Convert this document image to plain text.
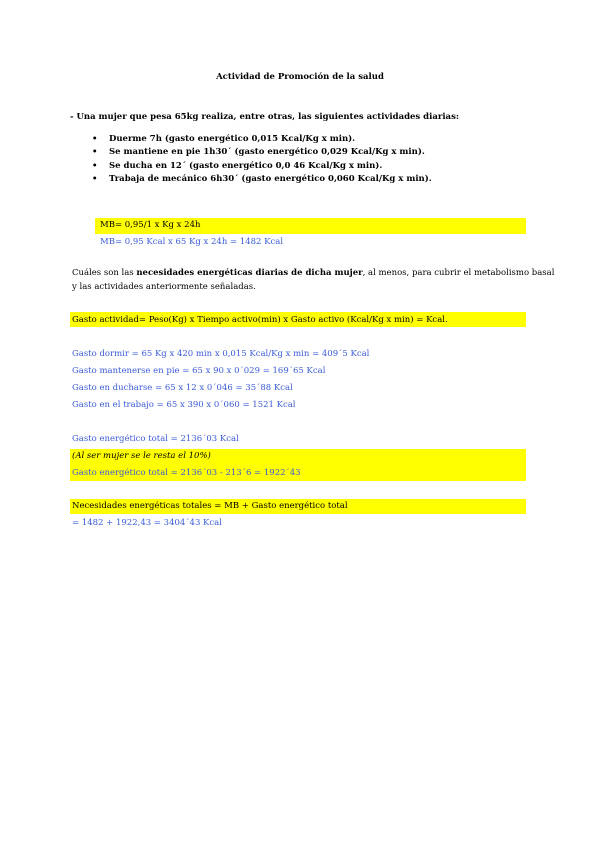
Actividad de Promoción de la salud
- Una mujer que pesa 65kg realiza, entre otras, las siguientes actividades diarias:
• Duerme 7h (gasto energético 0,015 Kcal/Kg x min).
• Se mantiene en pie 1h30´ (gasto energético 0,029 Kcal/Kg x min).
• Se ducha en 12´ (gasto energético 0,0 46 Kcal/Kg x min).
• Trabaja de mecánico 6h30´ (gasto energético 0,060 Kcal/Kg x min).
MB= 0,95/1 x Kg x 24h
MB= 0,95 Kcal x 65 Kg x 24h = 1482 Kcal
Cuáles son las necesidades energéticas diarias de dicha mujer, al menos, para cubrir el metabolismo basal
y las actividades anteriormente señaladas.
Gasto actividad= Peso(Kg) x Tiempo activo(min) x Gasto activo (Kcal/Kg x min) = Kcal.
Gasto dormir = 65 Kg x 420 min x 0,015 Kcal/Kg x min = 409´5 Kcal
Gasto mantenerse en pie = 65 x 90 x 0´029 = 169´65 Kcal
Gasto en ducharse = 65 x 12 x 0´046 = 35´88 Kcal
Gasto en el trabajo = 65 x 390 x 0´060 = 1521 Kcal
Gasto energético total = 2136´03 Kcal
(Al ser mujer se le resta el 10%)
Gasto energético total = 2136´03 - 213´6 = 1922´43
Necesidades energéticas totales = MB + Gasto energético total
= 1482 + 1922,43 = 3404´43 Kcal
